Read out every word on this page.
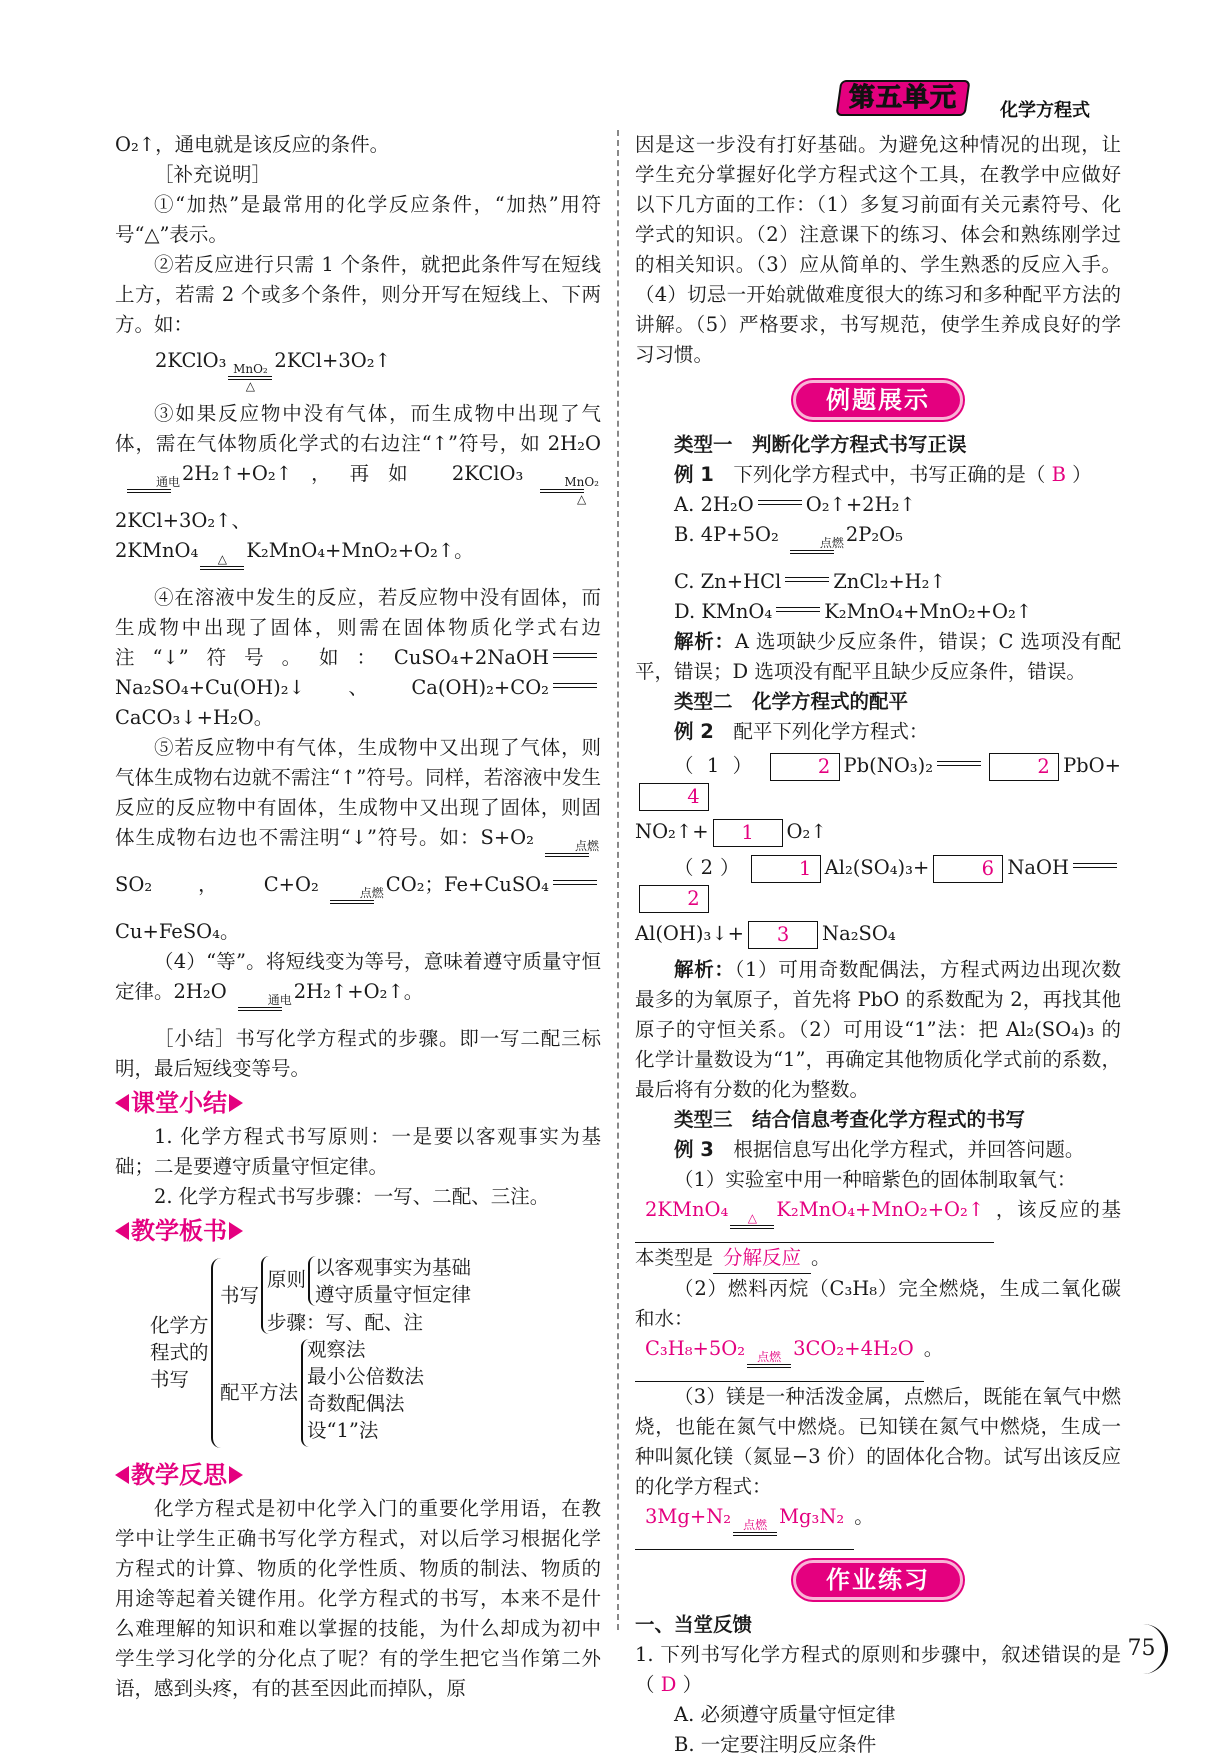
第五单元	化学方程式

O₂↑，通电就是该反应的条件。

［补充说明］

①“加热”是最常用的化学反应条件，“加热”用符号“△”表示。

②若反应进行只需 1 个条件，就把此条件写在短线上方，若需 2 个或多个条件，则分开写在短线上、下两方。如：

2KClO₃ MnO₂
△
2KCl+3O₂↑

③如果反应物中没有气体，而生成物中出现了气体，需在气体物质化学式的右边注“↑”符号，如 2H₂O
通电 2H₂↑+O₂↑，再如 2KClO₃	MnO₂
△
2KCl+3O₂↑、

2KMnO₄ △ K₂MnO₄+MnO₂+O₂↑。

④在溶液中发生的反应，若反应物中没有固体，而生成物中出现了固体，则需在固体物质化学式右边注“↓”符号。如：CuSO₄+2NaOHNa₂SO₄+Cu(OH)₂↓、Ca(OH)₂+CO₂CaCO₃↓+H₂O。

⑤若反应物中有气体，生成物中又出现了气体，则气体生成物右边就不需注“↑”符号。同样，若溶液中发生反应的反应物中有固体，生成物中又出现了固体，则固体生成物右边也不需注明“↓”符号。如：S+O₂	点燃
SO₂，C+O₂	点燃 CO₂；Fe+CuSO₄Cu+FeSO₄。

（4）“等”。将短线变为等号，意味着遵守质量守恒定律。2H₂O	通电 2H₂↑+O₂↑。

［小结］书写化学方程式的步骤。即一写二配三标明，最后短线变等号。

课堂小结

1. 化学方程式书写原则：一是要以客观事实为基础；二是要遵守质量守恒定律。

2. 化学方程式书写步骤：一写、二配、三注。

教学板书
化学方
程式的
书写
书写
原则
以客观事实为基础
遵守质量守恒定律
步骤：写、配、注
配平方法
观察法
最小公倍数法
奇数配偶法
设“1”法
教学反思

化学方程式是初中化学入门的重要化学用语，在教学中让学生正确书写化学方程式，对以后学习根据化学方程式的计算、物质的化学性质、物质的制法、物质的用途等起着关键作用。化学方程式的书写，本来不是什么难理解的知识和难以掌握的技能，为什么却成为初中学生学习化学的分化点了呢？有的学生把它当作第二外语，感到头疼，有的甚至因此而掉队，原

因是这一步没有打好基础。为避免这种情况的出现，让学生充分掌握好化学方程式这个工具，在教学中应做好以下几方面的工作：（1）多复习前面有关元素符号、化学式的知识。（2）注意课下的练习、体会和熟练刚学过的相关知识。（3）应从简单的、学生熟悉的反应入手。（4）切忌一开始就做难度很大的练习和多种配平方法的讲解。（5）严格要求，书写规范，使学生养成良好的学习习惯。

例题展示

类型一　判断化学方程式书写正误

例 1　 下列化学方程式中，书写正确的是（ B ）

A. 2H₂O	O₂↑+2H₂↑

B. 4P+5O₂	点燃 2P₂O₅

C. Zn+HCl	ZnCl₂+H₂↑

D. KMnO₄	K₂MnO₄+MnO₂+O₂↑

解析：A 选项缺少反应条件，错误；C 选项没有配平，错误；D 选项没有配平且缺少反应条件，错误。

类型二　化学方程式的配平

例 2　 配平下列化学方程式：

（1）	2 Pb(NO₃)₂	2 PbO+4

NO₂↑+ 1 O₂↑

（2）	1 Al₂(SO₄)₃+	6 NaOH2

Al(OH)₃↓+ 3 Na₂SO₄

解析：（1）可用奇数配偶法，方程式两边出现次数最多的为氧原子，首先将 PbO 的系数配为 2，再找其他原子的守恒关系。（2）可用设“1”法：把 Al₂(SO₄)₃ 的化学计量数设为“1”，再确定其他物质化学式前的系数，最后将有分数的化为整数。

类型三　结合信息考查化学方程式的书写

例 3　 根据信息写出化学方程式，并回答问题。

（1）实验室中用一种暗紫色的固体制取氧气：

2KMnO₄ △ K₂MnO₄+MnO₂+O₂↑ ，该反应的基本类型是 分解反应 。

（2）燃料丙烷（C₃H₈）完全燃烧，生成二氧化碳和水：

C₃H₈+5O₂ 点燃 3CO₂+4H₂O 。

（3）镁是一种活泼金属，点燃后，既能在氧气中燃烧，也能在氮气中燃烧。已知镁在氮气中燃烧，生成一种叫氮化镁（氮显−3 价）的固体化合物。试写出该反应的化学方程式：

3Mg+N₂ 点燃 Mg₃N₂ 。

作业练习

一、当堂反馈

1. 下列书写化学方程式的原则和步骤中，叙述错误的是（ D ）

A. 必须遵守质量守恒定律

B. 一定要注明反应条件

75
